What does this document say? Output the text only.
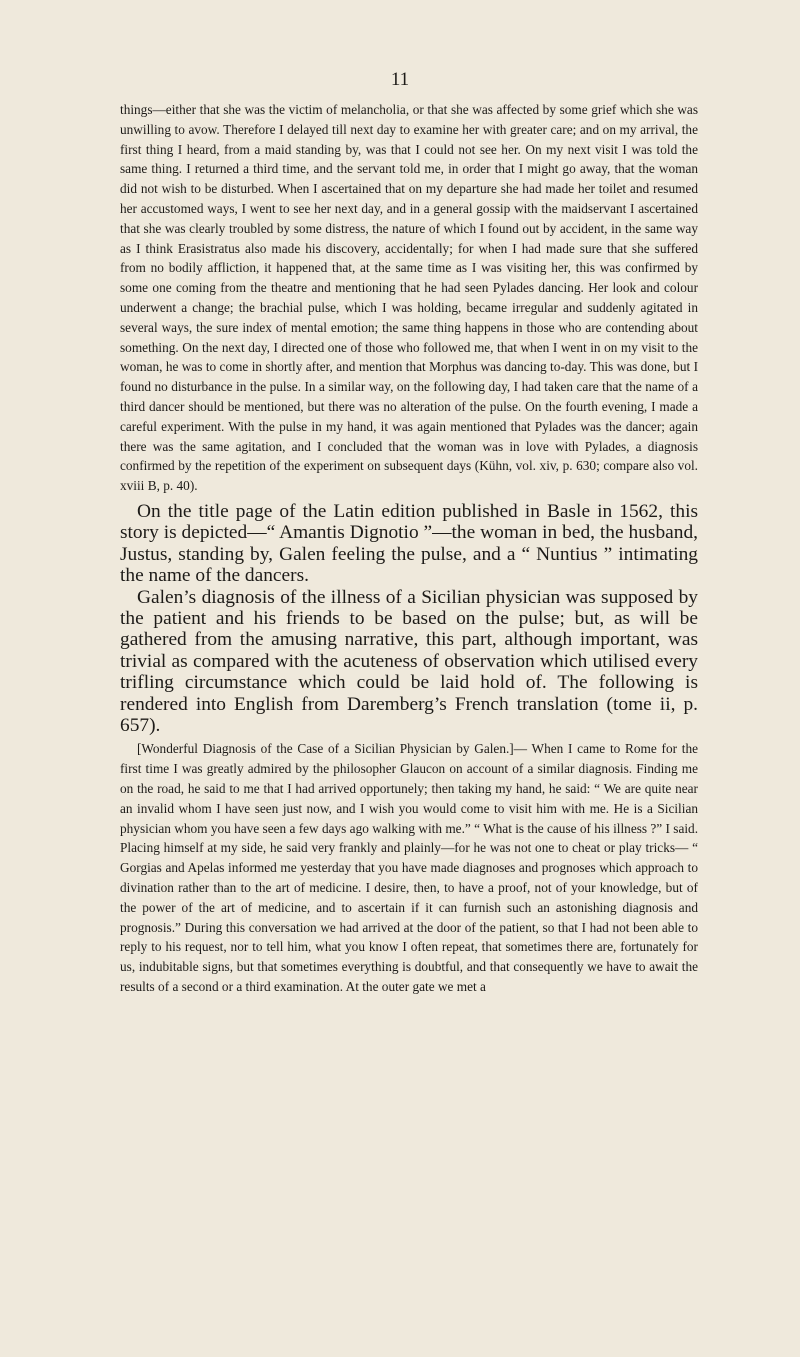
11

things—either that she was the victim of melancholia, or that she was affected by some grief which she was unwilling to avow. Therefore I delayed till next day to examine her with greater care; and on my arrival, the first thing I heard, from a maid standing by, was that I could not see her. On my next visit I was told the same thing. I returned a third time, and the servant told me, in order that I might go away, that the woman did not wish to be disturbed. When I ascertained that on my departure she had made her toilet and resumed her accustomed ways, I went to see her next day, and in a general gossip with the maidservant I ascertained that she was clearly troubled by some distress, the nature of which I found out by accident, in the same way as I think Erasistratus also made his discovery, accidentally; for when I had made sure that she suffered from no bodily affliction, it happened that, at the same time as I was visiting her, this was confirmed by some one coming from the theatre and mentioning that he had seen Pylades dancing. Her look and colour underwent a change; the brachial pulse, which I was holding, became irregular and suddenly agitated in several ways, the sure index of mental emotion; the same thing happens in those who are contending about something. On the next day, I directed one of those who followed me, that when I went in on my visit to the woman, he was to come in shortly after, and mention that Morphus was dancing to-day. This was done, but I found no disturbance in the pulse. In a similar way, on the following day, I had taken care that the name of a third dancer should be mentioned, but there was no alteration of the pulse. On the fourth evening, I made a careful experiment. With the pulse in my hand, it was again mentioned that Pylades was the dancer; again there was the same agitation, and I concluded that the woman was in love with Pylades, a diagnosis confirmed by the repetition of the experiment on subsequent days (Kühn, vol. xiv, p. 630; compare also vol. xviii B, p. 40).

On the title page of the Latin edition published in Basle in 1562, this story is depicted—“ Amantis Dignotio ”—the woman in bed, the husband, Justus, standing by, Galen feeling the pulse, and a “ Nuntius ” intimating the name of the dancers.

Galen’s diagnosis of the illness of a Sicilian physician was supposed by the patient and his friends to be based on the pulse; but, as will be gathered from the amusing narrative, this part, although important, was trivial as compared with the acuteness of observation which utilised every trifling circumstance which could be laid hold of. The following is rendered into English from Daremberg’s French translation (tome ii, p. 657).

[Wonderful Diagnosis of the Case of a Sicilian Physician by Galen.]— When I came to Rome for the first time I was greatly admired by the philosopher Glaucon on account of a similar diagnosis. Finding me on the road, he said to me that I had arrived opportunely; then taking my hand, he said: “ We are quite near an invalid whom I have seen just now, and I wish you would come to visit him with me. He is a Sicilian physician whom you have seen a few days ago walking with me.” “ What is the cause of his illness ?” I said. Placing himself at my side, he said very frankly and plainly—for he was not one to cheat or play tricks— “ Gorgias and Apelas informed me yesterday that you have made diagnoses and prognoses which approach to divination rather than to the art of medicine. I desire, then, to have a proof, not of your knowledge, but of the power of the art of medicine, and to ascertain if it can furnish such an astonishing diagnosis and prognosis.” During this conversation we had arrived at the door of the patient, so that I had not been able to reply to his request, nor to tell him, what you know I often repeat, that sometimes there are, fortunately for us, indubitable signs, but that sometimes everything is doubtful, and that consequently we have to await the results of a second or a third examination. At the outer gate we met a
